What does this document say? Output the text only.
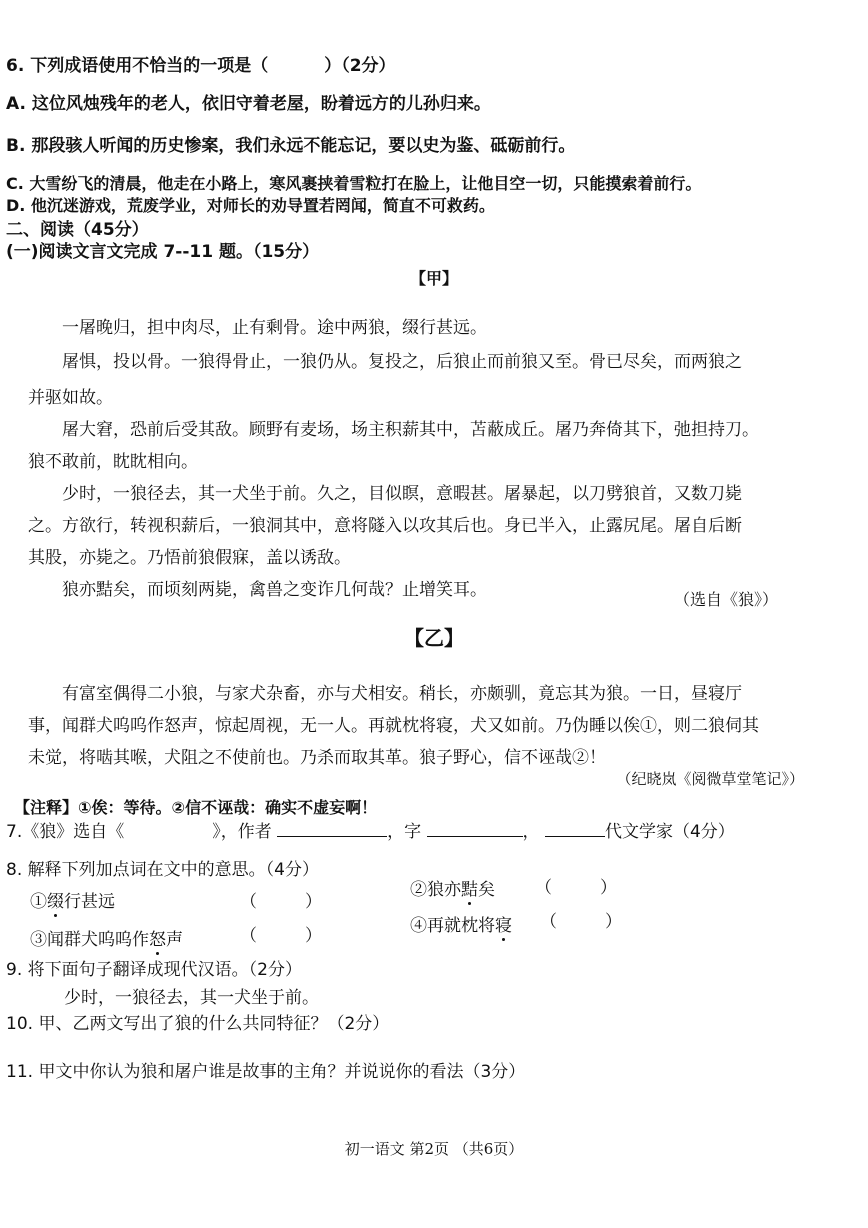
6. 下列成语使用不恰当的一项是（	）（2分）
A. 这位风烛残年的老人，依旧守着老屋，盼着远方的儿孙归来。
B. 那段骇人听闻的历史惨案，我们永远不能忘记，要以史为鉴、砥砺前行。
C. 大雪纷飞的清晨，他走在小路上，寒风裹挟着雪粒打在脸上，让他目空一切，只能摸索着前行。
D. 他沉迷游戏，荒废学业，对师长的劝导置若罔闻，简直不可救药。
二、阅读（45分）
(一)阅读文言文完成 7--11 题。（15分）
【甲】
一屠晚归，担中肉尽，止有剩骨。途中两狼，缀行甚远。
屠惧，投以骨。一狼得骨止，一狼仍从。复投之，后狼止而前狼又至。骨已尽矣，而两狼之
并驱如故。
屠大窘，恐前后受其敌。顾野有麦场，场主积薪其中，苫蔽成丘。屠乃奔倚其下，弛担持刀。
狼不敢前，眈眈相向。
少时，一狼径去，其一犬坐于前。久之，目似瞑，意暇甚。屠暴起，以刀劈狼首，又数刀毙
之。方欲行，转视积薪后，一狼洞其中，意将隧入以攻其后也。身已半入，止露尻尾。屠自后断
其股，亦毙之。乃悟前狼假寐，盖以诱敌。
狼亦黠矣，而顷刻两毙，禽兽之变诈几何哉？止增笑耳。	（选自《狼》）
【乙】
有富室偶得二小狼，与家犬杂畜，亦与犬相安。稍长，亦颇驯，竟忘其为狼。一日，昼寝厅
事，闻群犬呜呜作怒声，惊起周视，无一人。再就枕将寝，犬又如前。乃伪睡以俟①，则二狼伺其
未觉，将啮其喉，犬阻之不使前也。乃杀而取其革。狼子野心，信不诬哉②！
（纪晓岚《阅微草堂笔记》）
【注释】①俟：等待。②信不诬哉：确实不虚妄啊！
7.《狼》选自《	》，作者	，字	，	代文学家（4分）
8. 解释下列加点词在文中的意思。（4分）
①缀行甚远	（	）
②狼亦黠矣 （	）
③闻群犬呜呜作怒声	（	）	④再就枕将寝 （	）
9. 将下面句子翻译成现代汉语。（2分）
少时，一狼径去，其一犬坐于前。
10. 甲、乙两文写出了狼的什么共同特征？（2分）
11. 甲文中你认为狼和屠户谁是故事的主角？并说说你的看法（3分）
初一语文 第2页 （共6页）
